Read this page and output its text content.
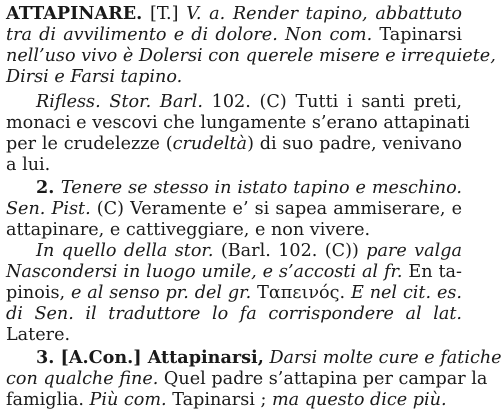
ATTAPINARE. [T.] V. a. Render tapino, abbattuto
tra di avvilimento e di dolore. Non com. Tapinarsi
nell’uso vivo è Dolersi con querele misere e irrequiete,
Dirsi e Farsi tapino.
Rifless. Stor. Barl. 102. (C) Tutti i santi preti,
monaci e vescovi che lungamente s’erano attapinati
per le crudelezze (crudeltà) di suo padre, venivano
a lui.
2. Tenere se stesso in istato tapino e meschino.
Sen. Pist. (C) Veramente e’ si sapea ammiserare, e
attapinare, e cattiveggiare, e non vivere.
In quello della stor. (Barl. 102. (C)) pare valga
Nascondersi in luogo umile, e s’accosti al fr. En ta-
pinois, e al senso pr. del gr. Ταπεινός. E nel cit. es.
di Sen. il traduttore lo fa corrispondere al lat.
Latere.
3. [A.Con.] Attapinarsi, Darsi molte cure e fatiche
con qualche fine. Quel padre s’attapina per campar la
famiglia. Più com. Tapinarsi ; ma questo dice più.
